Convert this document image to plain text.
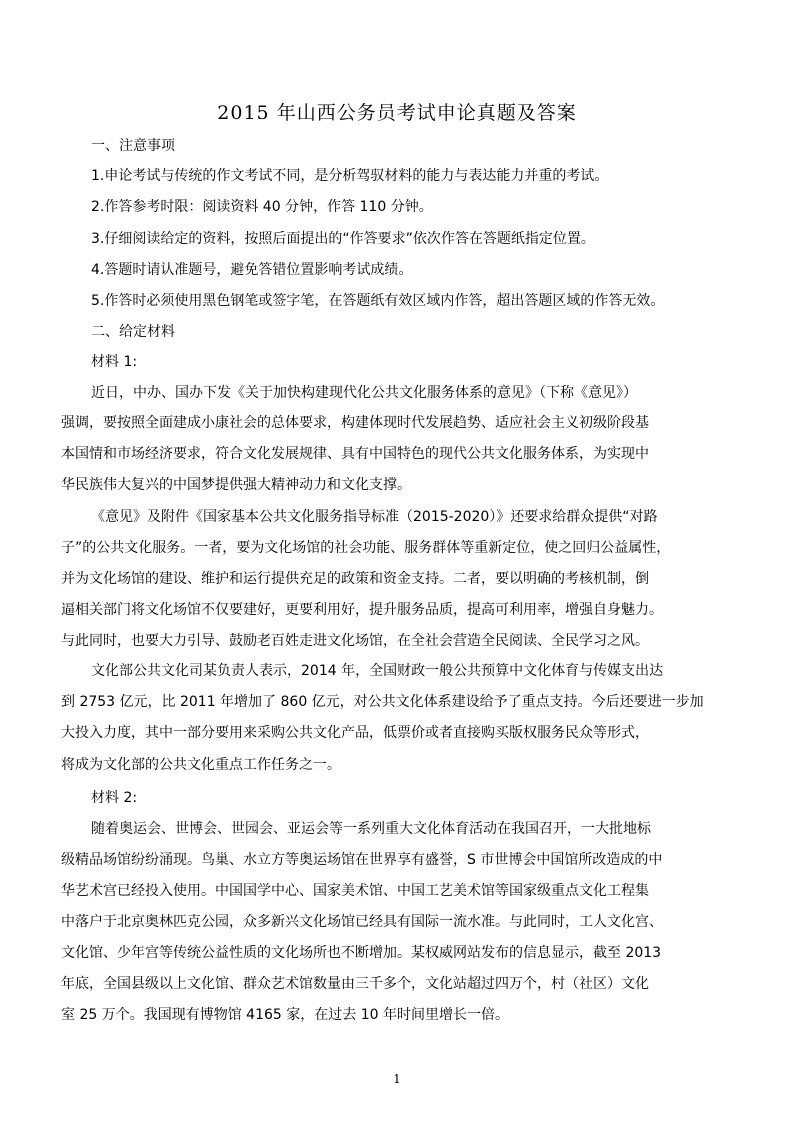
2015 年山西公务员考试申论真题及答案
一、注意事项
1.申论考试与传统的作文考试不同，是分析驾驭材料的能力与表达能力并重的考试。
2.作答参考时限：阅读资料 40 分钟，作答 110 分钟。
3.仔细阅读给定的资料，按照后面提出的“作答要求”依次作答在答题纸指定位置。
4.答题时请认准题号，避免答错位置影响考试成绩。
5.作答时必须使用黑色钢笔或签字笔，在答题纸有效区域内作答，超出答题区域的作答无效。
二、给定材料
材料 1:
近日，中办、国办下发《关于加快构建现代化公共文化服务体系的意见》（下称《意见》）
强调，要按照全面建成小康社会的总体要求，构建体现时代发展趋势、适应社会主义初级阶段基
本国情和市场经济要求，符合文化发展规律、具有中国特色的现代公共文化服务体系，为实现中
华民族伟大复兴的中国梦提供强大精神动力和文化支撑。
《意见》及附件《国家基本公共文化服务指导标准（2015-2020）》还要求给群众提供“对路
子”的公共文化服务。一者，要为文化场馆的社会功能、服务群体等重新定位，使之回归公益属性，
并为文化场馆的建设、维护和运行提供充足的政策和资金支持。二者，要以明确的考核机制，倒
逼相关部门将文化场馆不仅要建好，更要利用好，提升服务品质，提高可利用率，增强自身魅力。
与此同时，也要大力引导、鼓励老百姓走进文化场馆，在全社会营造全民阅读、全民学习之风。
文化部公共文化司某负责人表示，2014 年，全国财政一般公共预算中文化体育与传媒支出达
到 2753 亿元，比 2011 年增加了 860 亿元，对公共文化体系建设给予了重点支持。今后还要进一步加
大投入力度，其中一部分要用来采购公共文化产品，低票价或者直接购买版权服务民众等形式，
将成为文化部的公共文化重点工作任务之一。
材料 2:
随着奥运会、世博会、世园会、亚运会等一系列重大文化体育活动在我国召开，一大批地标
级精品场馆纷纷涌现。鸟巢、水立方等奥运场馆在世界享有盛誉，S 市世博会中国馆所改造成的中
华艺术宫已经投入使用。中国国学中心、国家美术馆、中国工艺美术馆等国家级重点文化工程集
中落户于北京奥林匹克公园，众多新兴文化场馆已经具有国际一流水准。与此同时，工人文化宫、
文化馆、少年宫等传统公益性质的文化场所也不断增加。某权威网站发布的信息显示，截至 2013
年底，全国县级以上文化馆、群众艺术馆数量由三千多个，文化站超过四万个，村（社区）文化
室 25 万个。我国现有博物馆 4165 家，在过去 10 年时间里增长一倍。
1
